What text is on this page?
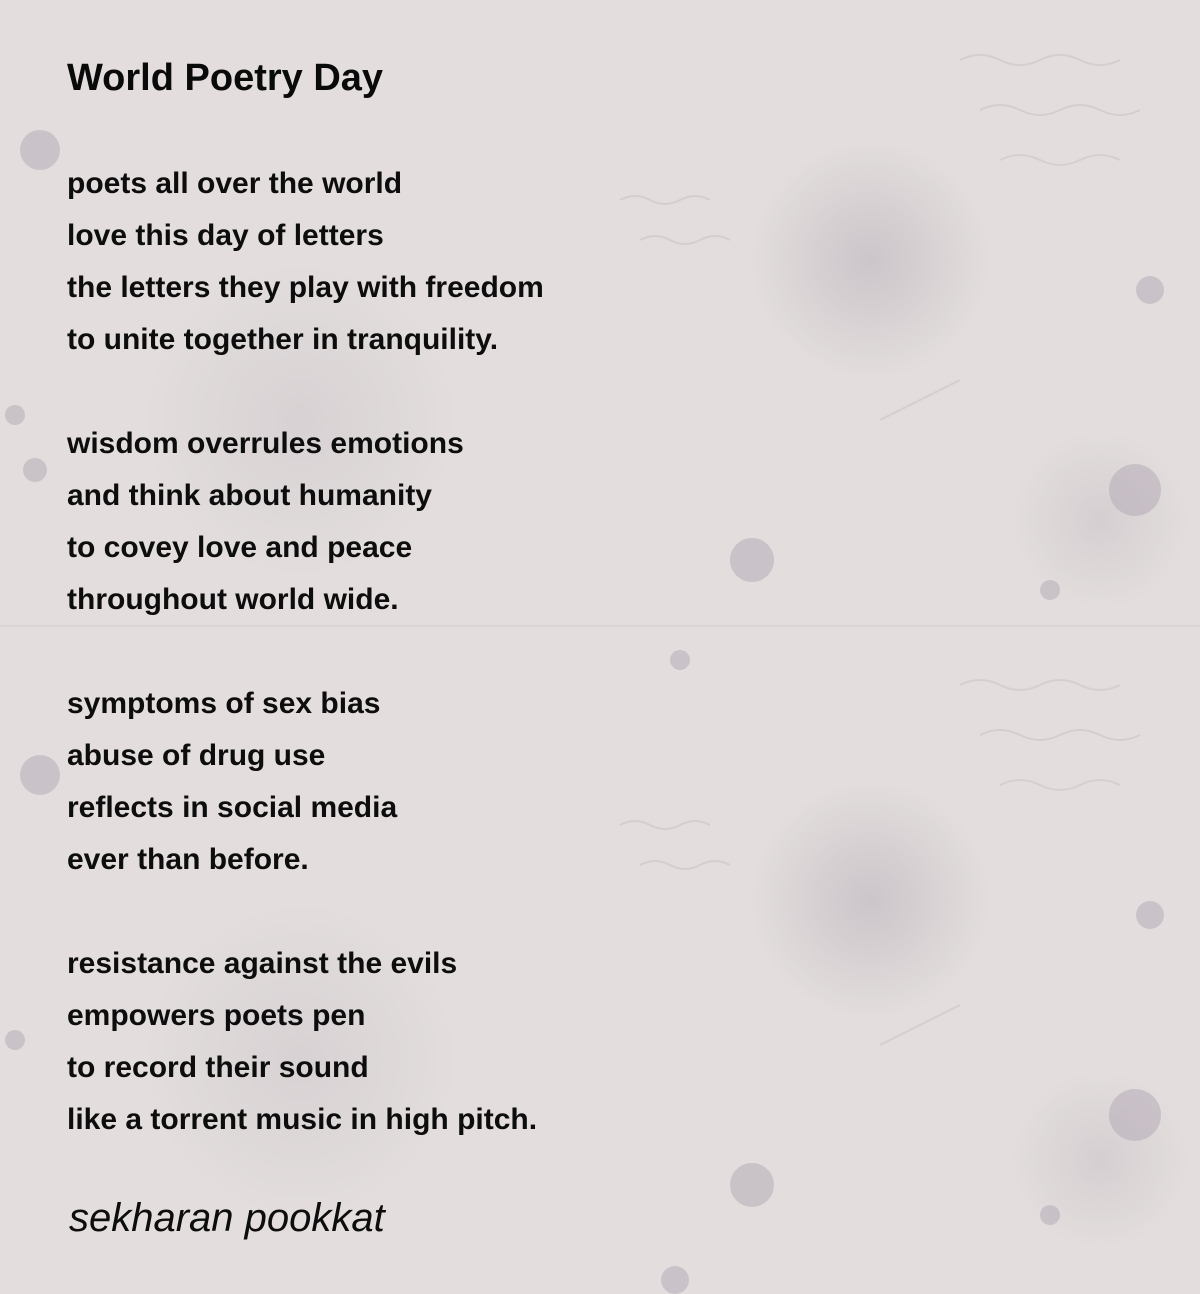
World Poetry Day
poets all over the world
love this day of letters
the letters they play with freedom
to unite together in tranquility.
wisdom overrules emotions
and think about humanity
to covey love and peace
throughout world wide.
symptoms of sex bias
abuse of drug use
reflects in social media
ever than before.
resistance against the evils
empowers poets pen
to record their sound
like a torrent music in high pitch.
sekharan pookkat
